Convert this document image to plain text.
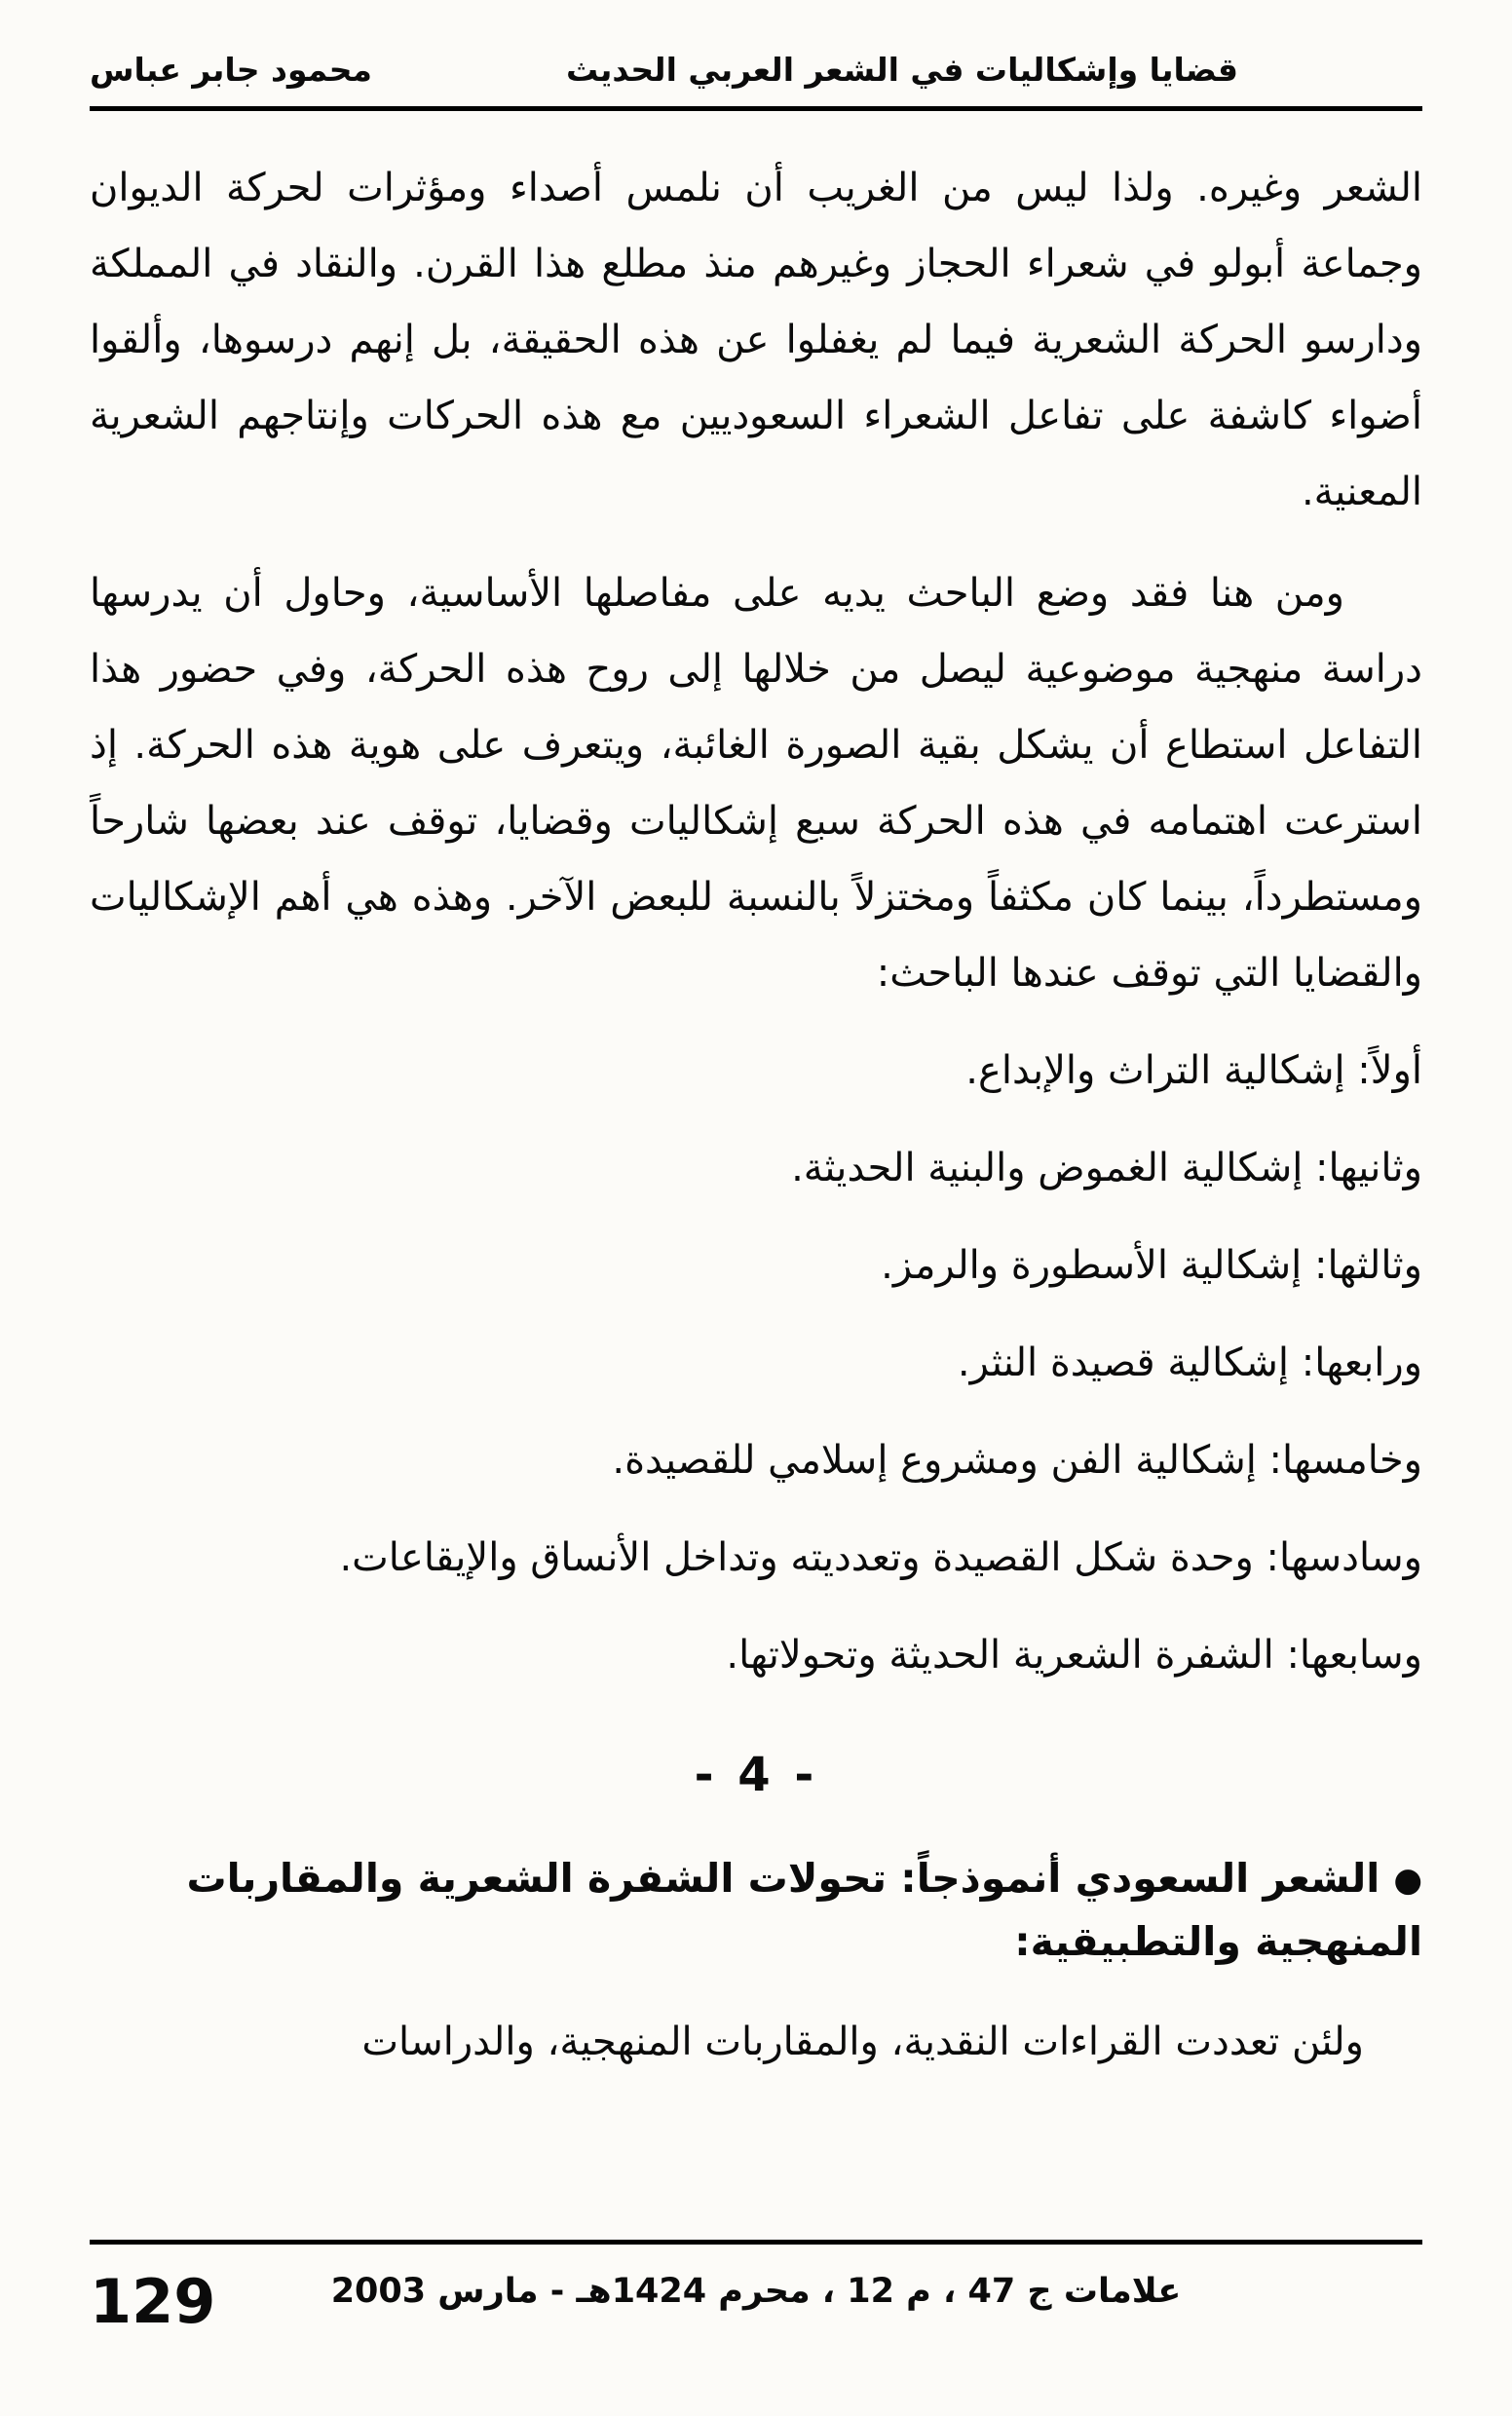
قضايا وإشكاليات في الشعر العربي الحديث
محمود جابر عباس

الشعر وغيره. ولذا ليس من الغريب أن نلمس أصداء ومؤثرات لحركة الديوان وجماعة أبولو في شعراء الحجاز وغيرهم منذ مطلع هذا القرن. والنقاد في المملكة ودارسو الحركة الشعرية فيما لم يغفلوا عن هذه الحقيقة، بل إنهم درسوها، وألقوا أضواء كاشفة على تفاعل الشعراء السعوديين مع هذه الحركات وإنتاجهم الشعرية المعنية.

ومن هنا فقد وضع الباحث يديه على مفاصلها الأساسية، وحاول أن يدرسها دراسة منهجية موضوعية ليصل من خلالها إلى روح هذه الحركة، وفي حضور هذا التفاعل استطاع أن يشكل بقية الصورة الغائبة، ويتعرف على هوية هذه الحركة. إذ استرعت اهتمامه في هذه الحركة سبع إشكاليات وقضايا، توقف عند بعضها شارحاً ومستطرداً، بينما كان مكثفاً ومختزلاً بالنسبة للبعض الآخر. وهذه هي أهم الإشكاليات والقضايا التي توقف عندها الباحث:

أولاً: إشكالية التراث والإبداع.
وثانيها: إشكالية الغموض والبنية الحديثة.
وثالثها: إشكالية الأسطورة والرمز.
ورابعها: إشكالية قصيدة النثر.
وخامسها: إشكالية الفن ومشروع إسلامي للقصيدة.
وسادسها: وحدة شكل القصيدة وتعدديته وتداخل الأنساق والإيقاعات.
وسابعها: الشفرة الشعرية الحديثة وتحولاتها.
- 4 -
●الشعر السعودي أنموذجاً: تحولات الشفرة الشعرية والمقاربات المنهجية والتطبيقية:

ولئن تعددت القراءات النقدية، والمقاربات المنهجية، والدراسات

علامات ج 47 ، م 12 ، محرم 1424هـ - مارس 2003
129
